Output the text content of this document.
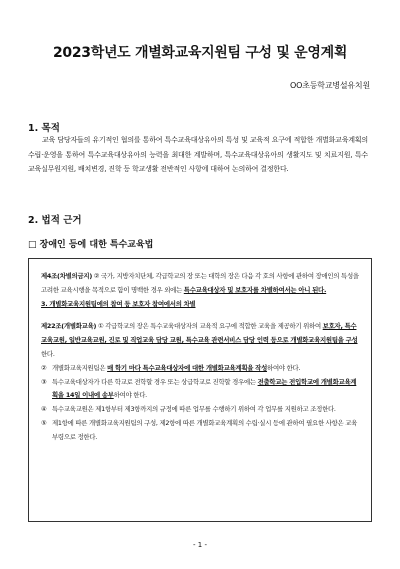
2023학년도 개별화교육지원팀 구성 및 운영계획
OO초등학교병설유치원
1. 목적
교육 담당자들의 유기적인 협의를 통하여 특수교육대상유아의 특성 및 교육적 요구에 적합한 개별화교육계획의 수립·운영을 통하여 특수교육대상유아의 능력을 최대한 계발하며, 특수교육대상유아의 생활지도 및 치료지원, 특수교육실무원지원, 배치변경, 진학 등 학교생활 전반적인 사항에 대하여 논의하여 결정한다.
2. 법적 근거
□ 장애인 등에 대한 특수교육법

제4조(차별의금지) ② 국가, 지방자치단체, 각급학교의 장 또는 대학의 장은 다음 각 호의 사항에 관하여 장애인의 특성을 고려한 교육시행을 목적으로 함이 명백한 경우 외에는 특수교육대상자 및 보호자를 차별하여서는 아니 된다.

3. 개별화교육지원팀에의 참여 등 보호자 참여에서의 차별

제22조(개별화교육) ① 각급학교의 장은 특수교육대상자의 교육적 요구에 적합한 교육을 제공하기 위하여 보호자, 특수교육교원, 일반교육교원, 진로 및 직업교육 담당 교원, 특수교육 관련서비스 담당 인력 등으로 개별화교육지원팀을 구성한다.

② 개별화교육지원팀은 매 학기 마다 특수교육대상자에 대한 개별화교육계획을 작성하여야 한다.
③ 특수교육대상자가 다른 학교로 전학할 경우 또는 상급학교로 진학할 경우에는 전출학교는 전입학교에 개별화교육계획을 14일 이내에 송부하여야 한다.
④ 특수교육교원은 제1항부터 제3항까지의 규정에 따른 업무를 수행하기 위하여 각 업무를 지원하고 조정한다.
⑤ 제1항에 따른 개별화교육지원팀의 구성, 제2항에 따른 개별화교육계획의 수립·실시 등에 관하여 필요한 사항은 교육부령으로 정한다.
- 1 -
